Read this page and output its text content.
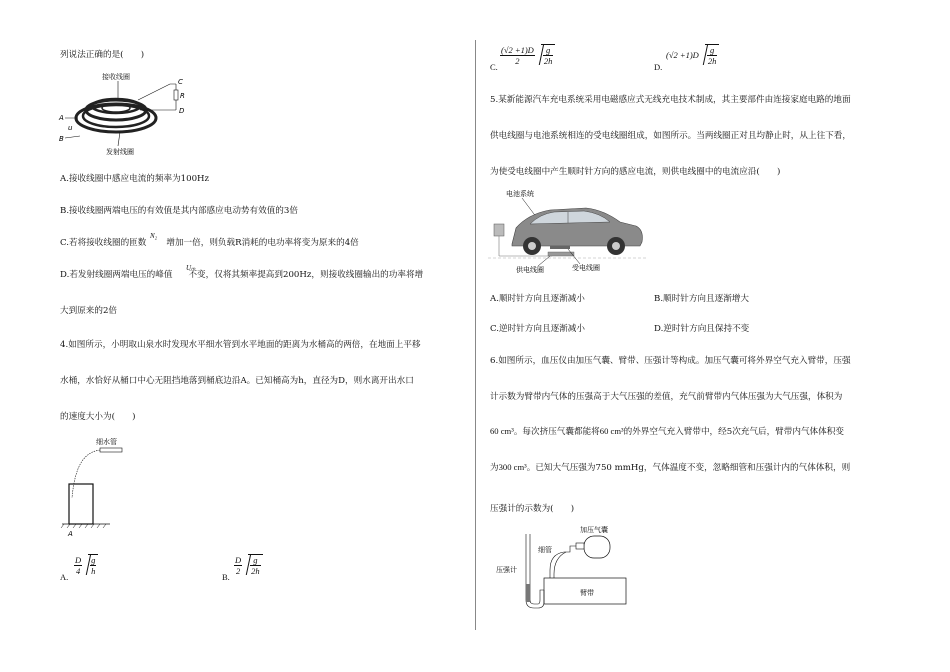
列说法正确的是(　　)
接收线圈
C
R
D
A
u
B
发射线圈
A.接收线圈中感应电流的频率为100Hz
B.接收线圈两端电压的有效值是其内部感应电动势有效值的3倍
C.若将接收线圈的匝数 增加一倍，则负载R消耗的电功率将变为原来的4倍
N₂
D.若发射线圈两端电压的峰值 不变，仅将其频率提高到200Hz，则接收线圈输出的功率将增
Uₘ
大到原来的2倍
4.如图所示，小明取山泉水时发现水平细水管到水平地面的距离为水桶高的两倍，在地面上平移
水桶，水恰好从桶口中心无阻挡地落到桶底边沿A。已知桶高为h，直径为D，则水离开出水口
的速度大小为(　　)
细水管
A
A.
$\frac{D}{4} \frac{g}{h}$
B.
$\frac{D}{2} \frac{g}{2h}$
C.
$\frac{(√2 +1)D}{2} \frac{g}{2h}$
D.
$(√2 +1)D \frac{g}{2h}$
5.某新能源汽车充电系统采用电磁感应式无线充电技术制成，其主要部件由连接家庭电路的地面
供电线圈与电池系统相连的受电线圈组成，如图所示。当两线圈正对且均静止时，从上往下看，
为使受电线圈中产生顺时针方向的感应电流，则供电线圈中的电流应沿(　　)
电池系统
供电线圈	受电线圈
A.顺时针方向且逐渐减小	B.顺时针方向且逐渐增大
C.逆时针方向且逐渐减小	D.逆时针方向且保持不变
6.如图所示，血压仪由加压气囊、臂带、压强计等构成。加压气囊可将外界空气充入臂带，压强
计示数为臂带内气体的压强高于大气压强的差值，充气前臂带内气体压强为大气压强，体积为
60 cm³。每次挤压气囊都能将60 cm³的外界空气充入臂带中，经5次充气后，臂带内气体体积变
为300 cm³。已知大气压强为750 mmHg，气体温度不变，忽略细管和压强计内的气体体积，则
压强计的示数为(　　)
加压气囊
细管
臂带
压强计
